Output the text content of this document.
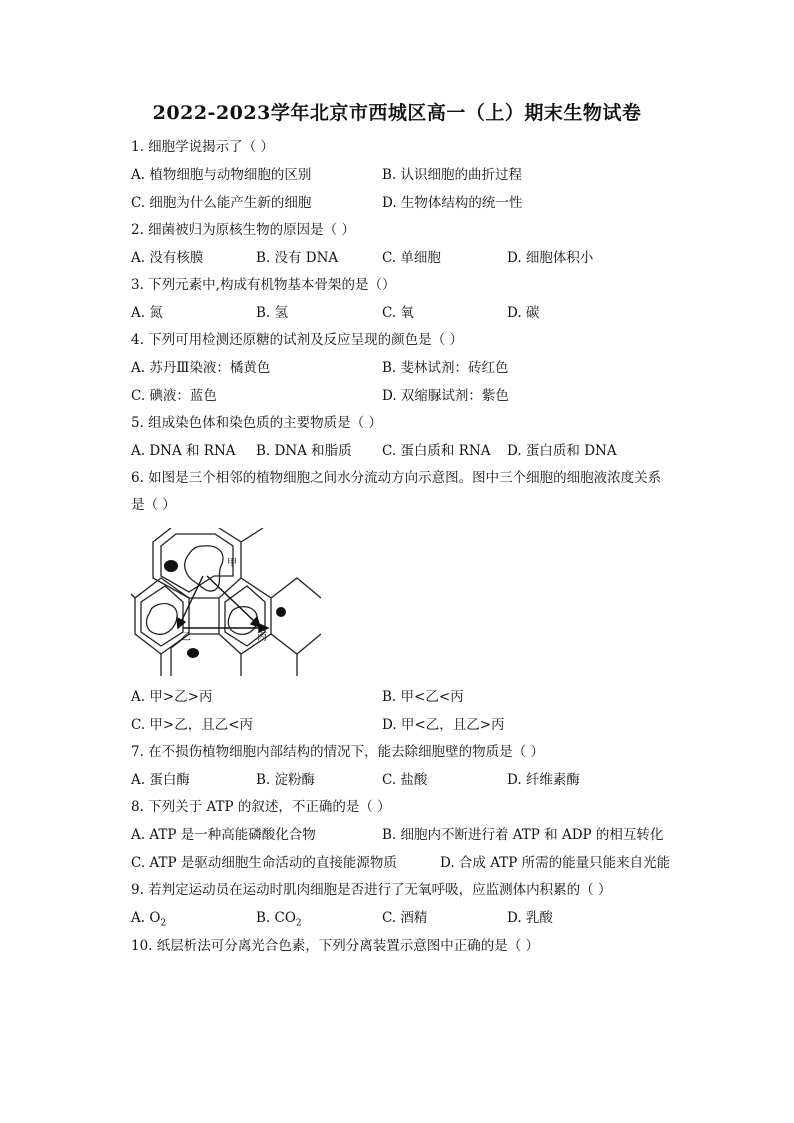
2022-2023学年北京市西城区高一（上）期末生物试卷
1. 细胞学说揭示了（ ）
A. 植物细胞与动物细胞的区别	B. 认识细胞的曲折过程
C. 细胞为什么能产生新的细胞	D. 生物体结构的统一性
2. 细菌被归为原核生物的原因是（ ）
A. 没有核膜	B. 没有 DNA	C. 单细胞	D. 细胞体积小
3. 下列元素中,构成有机物基本骨架的是（）
A. 氮	B. 氢	C. 氧	D. 碳
4. 下列可用检测还原糖的试剂及反应呈现的颜色是（ ）
A. 苏丹Ⅲ染液：橘黄色	B. 斐林试剂：砖红色
C. 碘液：蓝色	D. 双缩脲试剂：紫色
5. 组成染色体和染色质的主要物质是（ ）
A. DNA 和 RNA B. DNA 和脂质 C. 蛋白质和 RNA D. 蛋白质和 DNA
6. 如图是三个相邻的植物细胞之间水分流动方向示意图。图中三个细胞的细胞液浓度关系
是（ ）
甲
乙	丙
A. 甲>乙>丙	B. 甲<乙<丙
C. 甲>乙，且乙<丙	D. 甲<乙，且乙>丙
7. 在不损伤植物细胞内部结构的情况下，能去除细胞壁的物质是（ ）
A. 蛋白酶	B. 淀粉酶	C. 盐酸	D. 纤维素酶
8. 下列关于 ATP 的叙述，不正确的是（ ）
A. ATP 是一种高能磷酸化合物	B. 细胞内不断进行着 ATP 和 ADP 的相互转化
C. ATP 是驱动细胞生命活动的直接能源物质	D. 合成 ATP 所需的能量只能来自光能
9. 若判定运动员在运动时肌肉细胞是否进行了无氧呼吸，应监测体内积累的（ ）
A. $O_2$	B. $CO_2$	C. 酒精	D. 乳酸
10. 纸层析法可分离光合色素，下列分离装置示意图中正确的是（ ）
